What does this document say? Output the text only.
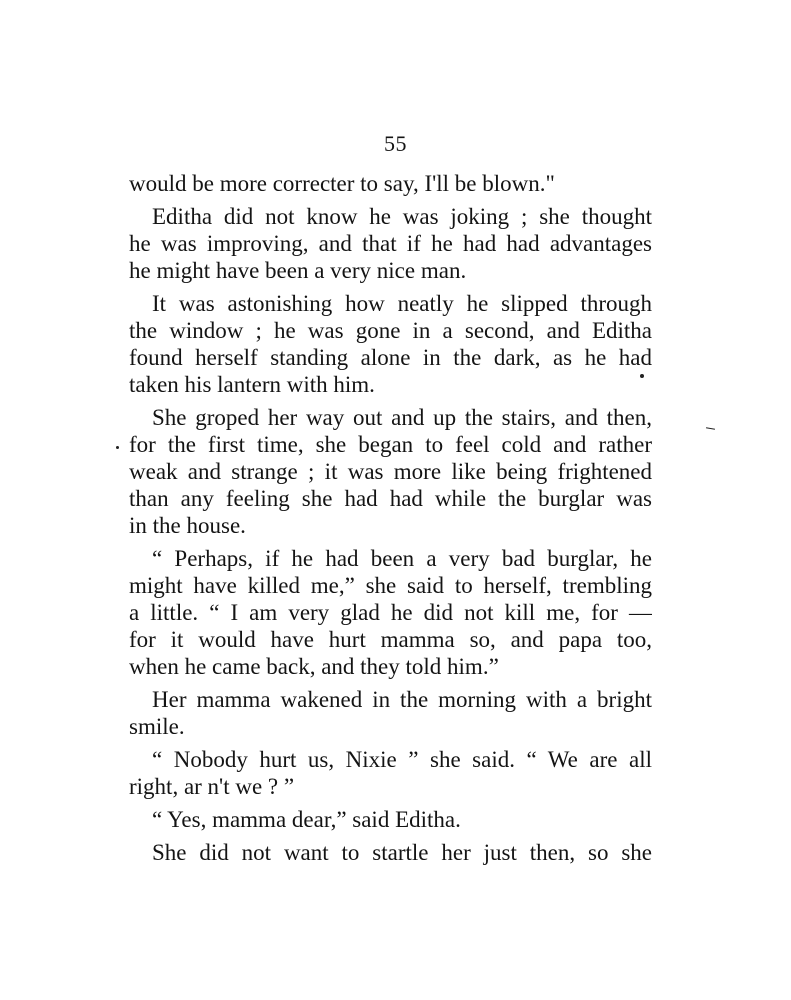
55
would be more correcter to say, I'll be blown."
Editha did not know he was joking ; she thought
he was improving, and that if he had had advantages
he might have been a very nice man.
It was astonishing how neatly he slipped through
the window ; he was gone in a second, and Editha
found herself standing alone in the dark, as he had
taken his lantern with him.
She groped her way out and up the stairs, and then,
for the first time, she began to feel cold and rather
weak and strange ; it was more like being frightened
than any feeling she had had while the burglar was
in the house.
“ Perhaps, if he had been a very bad burglar, he
might have killed me,” she said to herself, trembling
a little. “ I am very glad he did not kill me, for —
for it would have hurt mamma so, and papa too,
when he came back, and they told him.”
Her mamma wakened in the morning with a bright
smile.
“ Nobody hurt us, Nixie ” she said. “ We are all
right, ar n't we ? ”
“ Yes, mamma dear,” said Editha.
She did not want to startle her just then, so she
